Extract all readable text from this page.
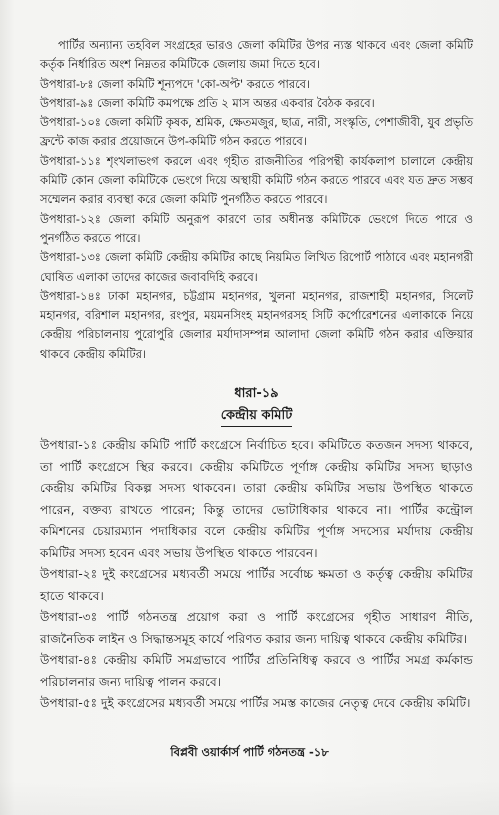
পার্টির অন্যান্য তহবিল সংগ্রহের ভারও জেলা কমিটির উপর ন্যস্ত থাকবে এবং জেলা কমিটি কর্তৃক নির্ধারিত অংশ নিম্নতর কমিটিকে জেলায় জমা দিতে হবে।

উপধারা-৮ঃ জেলা কমিটি শূন্যপদে 'কো-অপ্ট' করতে পারবে।

উপধারা-৯ঃ জেলা কমিটি কমপক্ষে প্রতি ২ মাস অন্তর একবার বৈঠক করবে।

উপধারা-১০ঃ জেলা কমিটি কৃষক, শ্রমিক, ক্ষেতমজুর, ছাত্র, নারী, সংস্কৃতি, পেশাজীবী, যুব প্রভৃতি ফ্রন্টে কাজ করার প্রয়োজনে উপ-কমিটি গঠন করতে পারবে।

উপধারা-১১ঃ শৃংখলাভংগ করলে এবং গৃহীত রাজনীতির পরিপন্থী কার্যকলাপ চালালে কেন্দ্রীয় কমিটি কোন জেলা কমিটিকে ভেংগে দিয়ে অস্থায়ী কমিটি গঠন করতে পারবে এবং যত দ্রুত সম্ভব সম্মেলন করার ব্যবস্থা করে জেলা কমিটি পুনর্গঠিত করতে পারবে।

উপধারা-১২ঃ জেলা কমিটি অনুরূপ কারণে তার অধীনস্ত কমিটিকে ভেংগে দিতে পারে ও পুনর্গঠিত করতে পারে।

উপধারা-১৩ঃ জেলা কমিটি কেন্দ্রীয় কমিটির কাছে নিয়মিত লিখিত রিপোর্ট পাঠাবে এবং মহানগরী ঘোষিত এলাকা তাদের কাজের জবাবদিহি করবে।

উপধারা-১৪ঃ ঢাকা মহানগর, চট্টগ্রাম মহানগর, খুলনা মহানগর, রাজশাহী মহানগর, সিলেট মহানগর, বরিশাল মহানগর, রংপুর, ময়মনসিংহ মহানগরসহ সিটি কর্পোরেশনের এলাকাকে নিয়ে কেন্দ্রীয় পরিচালনায় পুরোপুরি জেলার মর্যাদাসম্পন্ন আলাদা জেলা কমিটি গঠন করার এক্তিয়ার থাকবে কেন্দ্রীয় কমিটির।

ধারা-১৯
কেন্দ্রীয় কমিটি

উপধারা-১ঃ কেন্দ্রীয় কমিটি পার্টি কংগ্রেসে নির্বাচিত হবে। কমিটিতে কতজন সদস্য থাকবে, তা পার্টি কংগ্রেসে স্থির করবে। কেন্দ্রীয় কমিটিতে পূর্ণাঙ্গ কেন্দ্রীয় কমিটির সদস্য ছাড়াও কেন্দ্রীয় কমিটির বিকল্প সদস্য থাকবেন। তারা কেন্দ্রীয় কমিটির সভায় উপস্থিত থাকতে পারেন, বক্তব্য রাখতে পারেন; কিন্তু তাদের ভোটাধিকার থাকবে না। পার্টির কন্ট্রোল কমিশনের চেয়ারম্যান পদাধিকার বলে কেন্দ্রীয় কমিটির পূর্ণাঙ্গ সদস্যের মর্যাদায় কেন্দ্রীয় কমিটির সদস্য হবেন এবং সভায় উপস্থিত থাকতে পারবেন।

উপধারা-২ঃ দুই কংগ্রেসের মধ্যবর্তী সময়ে পার্টির সর্বোচ্চ ক্ষমতা ও কর্তৃত্ব কেন্দ্রীয় কমিটির হাতে থাকবে।

উপধারা-৩ঃ পার্টি গঠনতন্ত্র প্রয়োগ করা ও পার্টি কংগ্রেসের গৃহীত সাধারণ নীতি, রাজনৈতিক লাইন ও সিদ্ধান্তসমূহ কার্যে পরিণত করার জন্য দায়িত্ব থাকবে কেন্দ্রীয় কমিটির।

উপধারা-৪ঃ কেন্দ্রীয় কমিটি সমগ্রভাবে পার্টির প্রতিনিধিত্ব করবে ও পার্টির সমগ্র কর্মকান্ড পরিচালনার জন্য দায়িত্ব পালন করবে।

উপধারা-৫ঃ দুই কংগ্রেসের মধ্যবর্তী সময়ে পার্টির সমস্ত কাজের নেতৃত্ব দেবে কেন্দ্রীয় কমিটি।

বিপ্লবী ওয়ার্কার্স পার্টি গঠনতন্ত্র -১৮
